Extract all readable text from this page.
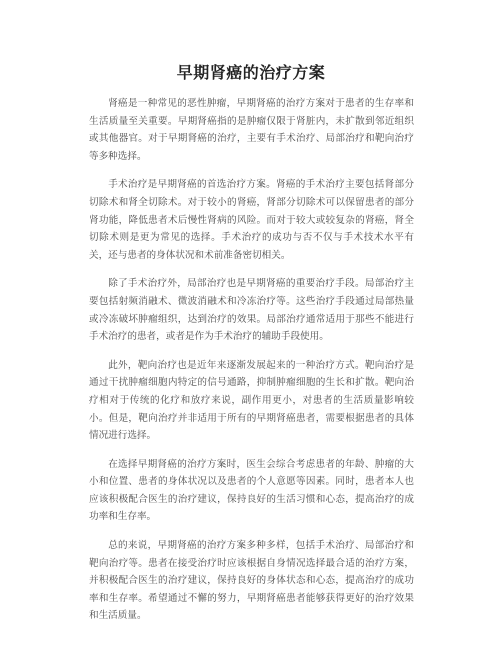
早期肾癌的治疗方案

肾癌是一种常见的恶性肿瘤，早期肾癌的治疗方案对于患者的生存率和生活质量至关重要。早期肾癌指的是肿瘤仅限于肾脏内，未扩散到邻近组织或其他器官。对于早期肾癌的治疗，主要有手术治疗、局部治疗和靶向治疗等多种选择。

手术治疗是早期肾癌的首选治疗方案。肾癌的手术治疗主要包括肾部分切除术和肾全切除术。对于较小的肾癌，肾部分切除术可以保留患者的部分肾功能，降低患者术后慢性肾病的风险。而对于较大或较复杂的肾癌，肾全切除术则是更为常见的选择。手术治疗的成功与否不仅与手术技术水平有关，还与患者的身体状况和术前准备密切相关。

除了手术治疗外，局部治疗也是早期肾癌的重要治疗手段。局部治疗主要包括射频消融术、微波消融术和冷冻治疗等。这些治疗手段通过局部热量或冷冻破坏肿瘤组织，达到治疗的效果。局部治疗通常适用于那些不能进行手术治疗的患者，或者是作为手术治疗的辅助手段使用。

此外，靶向治疗也是近年来逐渐发展起来的一种治疗方式。靶向治疗是通过干扰肿瘤细胞内特定的信号通路，抑制肿瘤细胞的生长和扩散。靶向治疗相对于传统的化疗和放疗来说，副作用更小，对患者的生活质量影响较小。但是，靶向治疗并非适用于所有的早期肾癌患者，需要根据患者的具体情况进行选择。

在选择早期肾癌的治疗方案时，医生会综合考虑患者的年龄、肿瘤的大小和位置、患者的身体状况以及患者的个人意愿等因素。同时，患者本人也应该积极配合医生的治疗建议，保持良好的生活习惯和心态，提高治疗的成功率和生存率。

总的来说，早期肾癌的治疗方案多种多样，包括手术治疗、局部治疗和靶向治疗等。患者在接受治疗时应该根据自身情况选择最合适的治疗方案，并积极配合医生的治疗建议，保持良好的身体状态和心态，提高治疗的成功率和生存率。希望通过不懈的努力，早期肾癌患者能够获得更好的治疗效果和生活质量。
